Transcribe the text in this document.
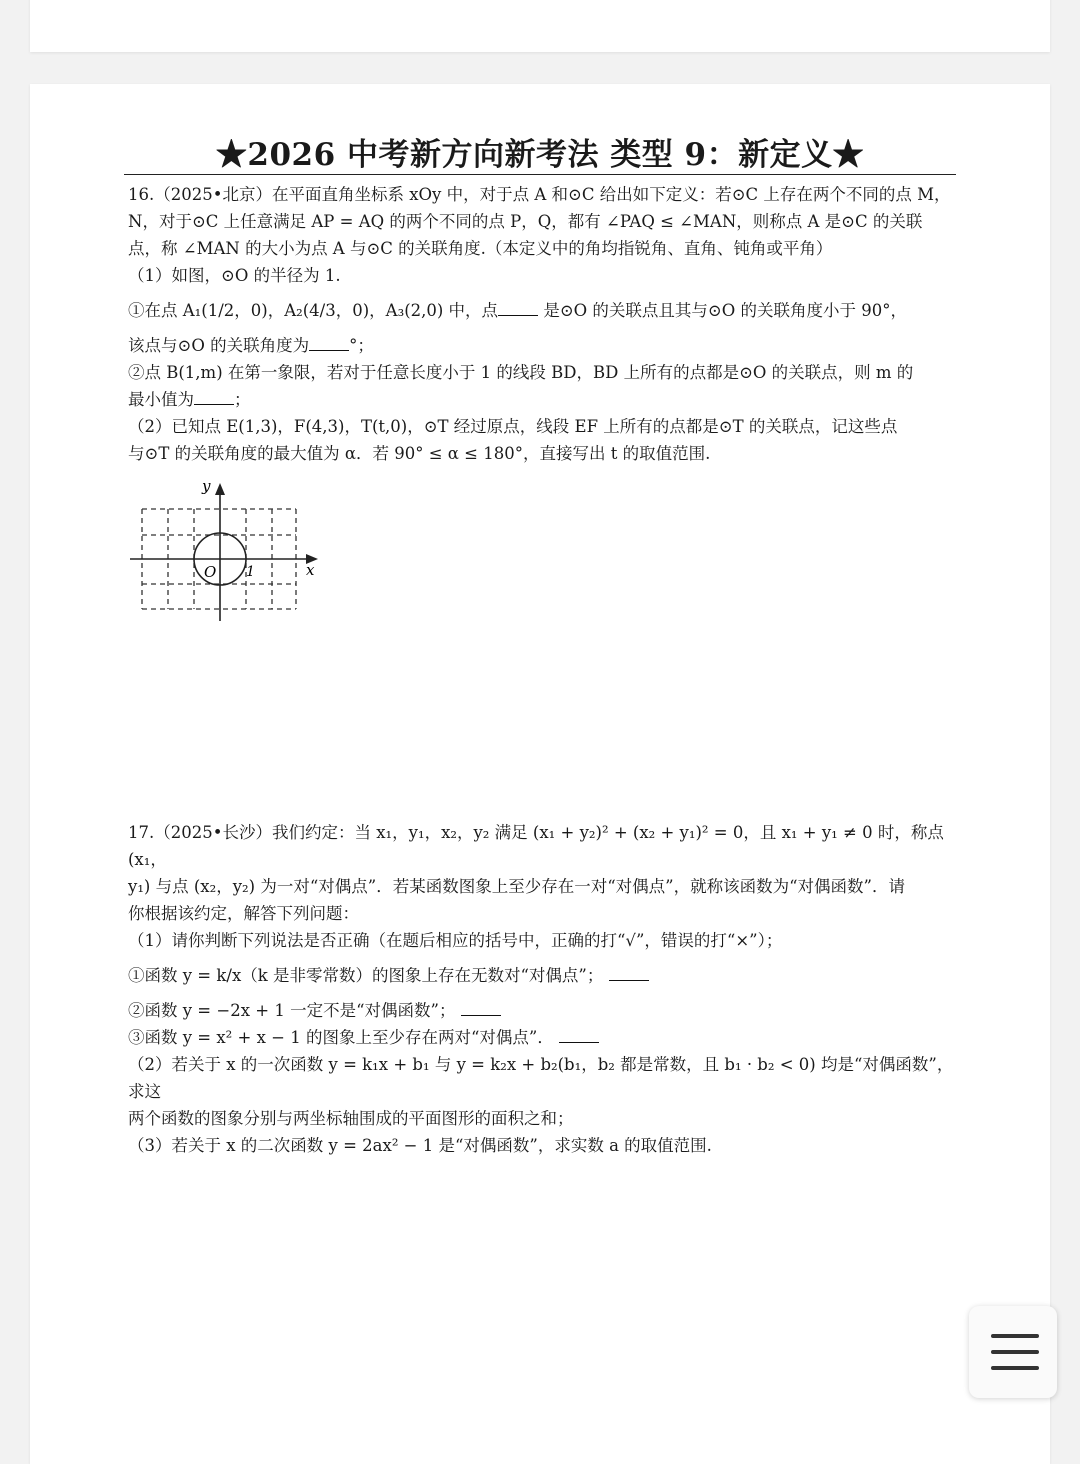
★2026 中考新方向新考法 类型 9：新定义★

16.（2025•北京）在平面直角坐标系 xOy 中，对于点 A 和⊙C 给出如下定义：若⊙C 上存在两个不同的点 M，

N，对于⊙C 上任意满足 AP = AQ 的两个不同的点 P，Q，都有 ∠PAQ ≤ ∠MAN，则称点 A 是⊙C 的关联

点，称 ∠MAN 的大小为点 A 与⊙C 的关联角度.（本定义中的角均指锐角、直角、钝角或平角）

（1）如图，⊙O 的半径为 1.

①在点 A₁(1/2，0)，A₂(4/3，0)，A₃(2,0) 中，点	是⊙O 的关联点且其与⊙O 的关联角度小于 90°，

该点与⊙O 的关联角度为 °；

②点 B(1,m) 在第一象限，若对于任意长度小于 1 的线段 BD，BD 上所有的点都是⊙O 的关联点，则 m 的

最小值为 ；

（2）已知点 E(1,3)，F(4,3)，T(t,0)，⊙T 经过原点，线段 EF 上所有的点都是⊙T 的关联点，记这些点

与⊙T 的关联角度的最大值为 α．若 90° ≤ α ≤ 180°，直接写出 t 的取值范围.

17.（2025•长沙）我们约定：当 x₁，y₁，x₂，y₂ 满足 (x₁ + y₂)² + (x₂ + y₁)² = 0，且 x₁ + y₁ ≠ 0 时，称点 (x₁，

y₁) 与点 (x₂，y₂) 为一对“对偶点”．若某函数图象上至少存在一对“对偶点”，就称该函数为“对偶函数”．请

你根据该约定，解答下列问题：

（1）请你判断下列说法是否正确（在题后相应的括号中，正确的打“√”，错误的打“×”）；

①函数 y = k/x（k 是非零常数）的图象上存在无数对“对偶点”；

②函数 y = −2x + 1 一定不是“对偶函数”；

③函数 y = x² + x − 1 的图象上至少存在两对“对偶点”．

（2）若关于 x 的一次函数 y = k₁x + b₁ 与 y = k₂x + b₂(b₁，b₂ 都是常数，且 b₁ · b₂ < 0) 均是“对偶函数”，求这

两个函数的图象分别与两坐标轴围成的平面图形的面积之和；

（3）若关于 x 的二次函数 y = 2ax² − 1 是“对偶函数”，求实数 a 的取值范围.

y
x
O 1
